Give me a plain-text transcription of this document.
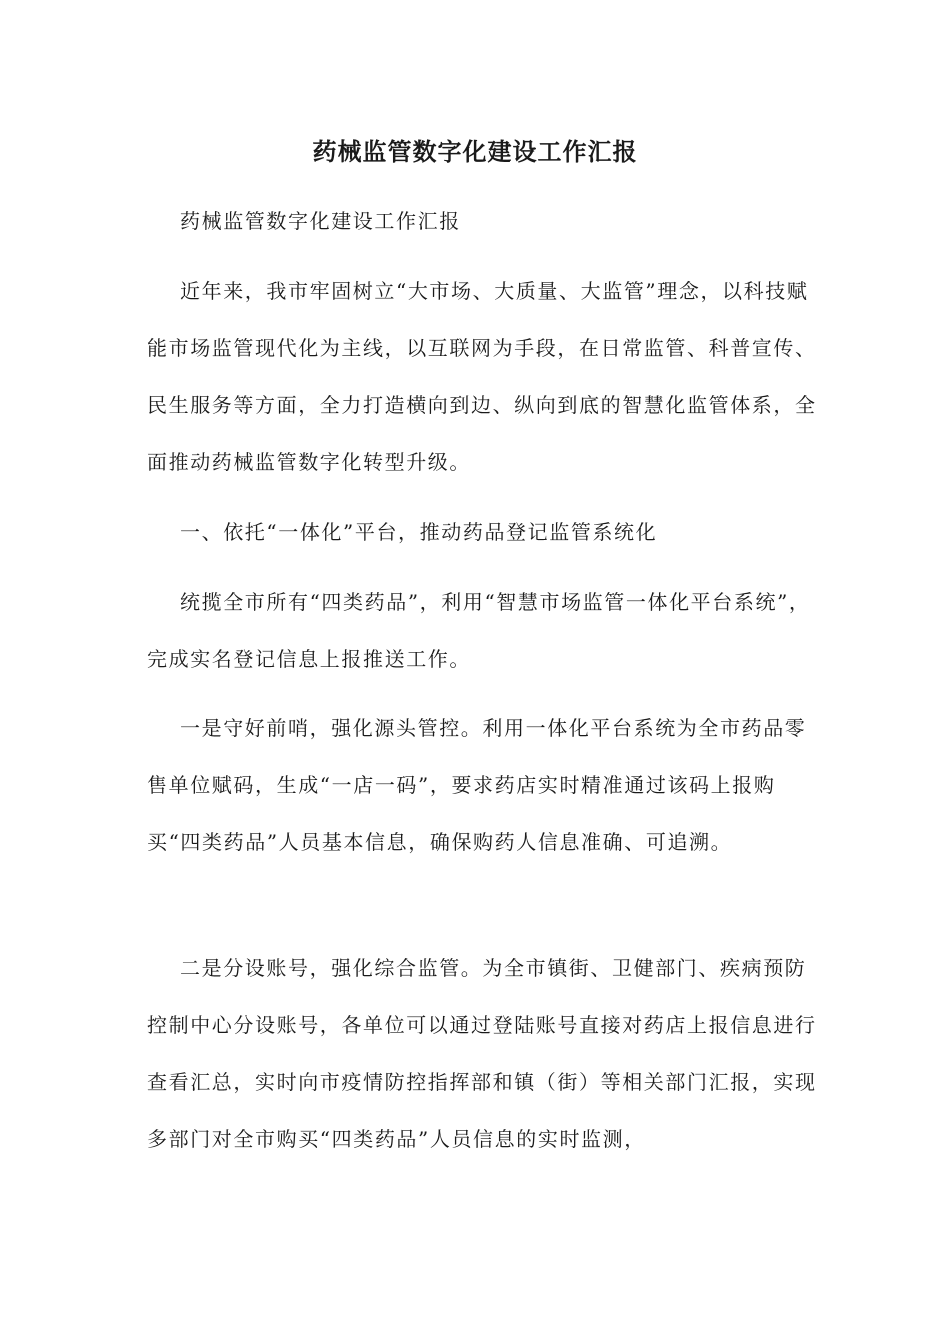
药械监管数字化建设工作汇报

药械监管数字化建设工作汇报

近年来，我市牢固树立“大市场、大质量、大监管”理念，以科技赋能市场监管现代化为主线，以互联网为手段，在日常监管、科普宣传、民生服务等方面，全力打造横向到边、纵向到底的智慧化监管体系，全面推动药械监管数字化转型升级。

一、依托“一体化”平台，推动药品登记监管系统化

统揽全市所有“四类药品”，利用“智慧市场监管一体化平台系统”，完成实名登记信息上报推送工作。

一是守好前哨，强化源头管控。利用一体化平台系统为全市药品零售单位赋码，生成“一店一码”，要求药店实时精准通过该码上报购买“四类药品”人员基本信息，确保购药人信息准确、可追溯。

二是分设账号，强化综合监管。为全市镇街、卫健部门、疾病预防控制中心分设账号，各单位可以通过登陆账号直接对药店上报信息进行查看汇总，实时向市疫情防控指挥部和镇（街）等相关部门汇报，实现多部门对全市购买“四类药品”人员信息的实时监测，
